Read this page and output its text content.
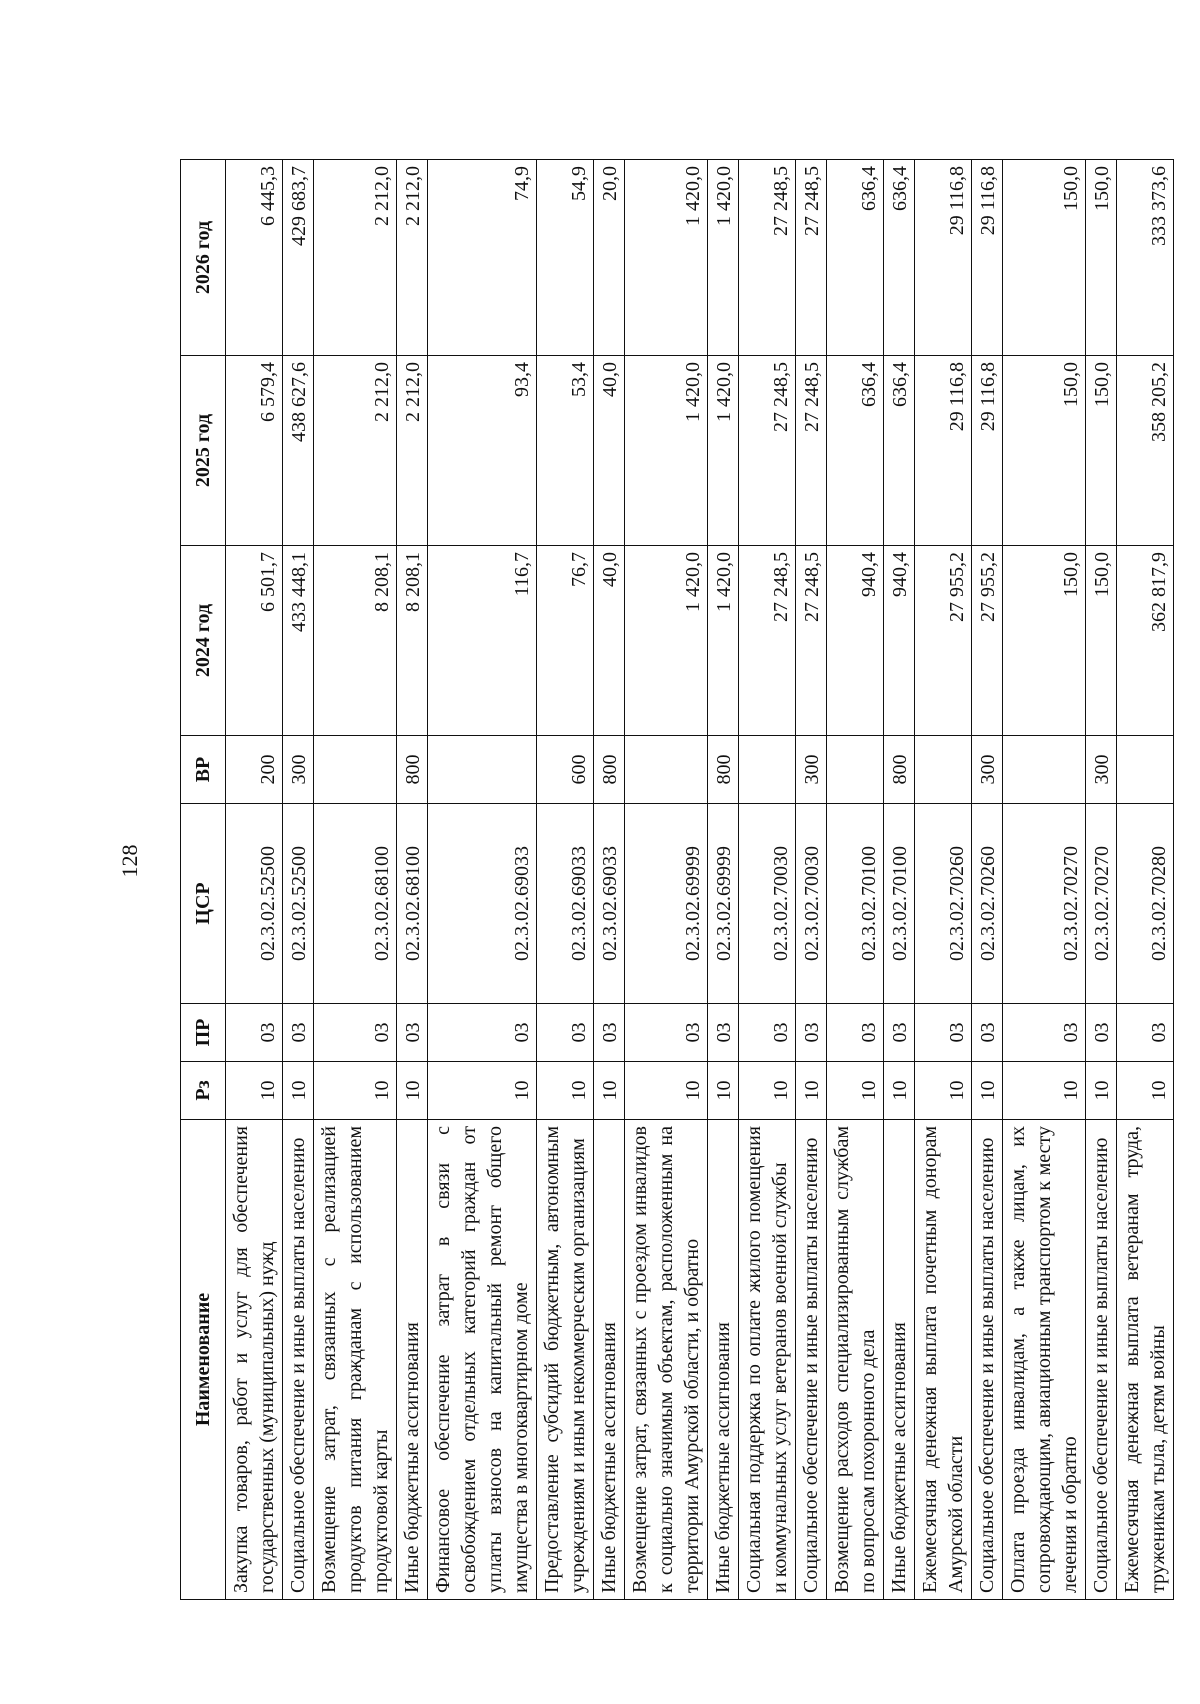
128
Наименование	Рз	ПР	ЦСР	ВР	2024 год	2025 год	2026 год
Закупка товаров, работ и услуг для обеспечения государственных (муниципальных) нужд	10	03	02.3.02.52500	200	6 501,7	6 579,4	6 445,3
Социальное обеспечение и иные выплаты населению	10	03	02.3.02.52500	300	433 448,1	438 627,6	429 683,7
Возмещение затрат, связанных с реализацией продуктов питания гражданам с использованием продуктовой карты	10	03	02.3.02.68100		8 208,1	2 212,0	2 212,0
Иные бюджетные ассигнования	10	03	02.3.02.68100	800	8 208,1	2 212,0	2 212,0
Финансовое обеспечение затрат в связи с освобождением отдельных категорий граждан от уплаты взносов на капитальный ремонт общего имущества в многоквартирном доме	10	03	02.3.02.69033		116,7	93,4	74,9
Предоставление субсидий бюджетным, автономным учреждениям и иным некоммерческим организациям	10	03	02.3.02.69033	600	76,7	53,4	54,9
Иные бюджетные ассигнования	10	03	02.3.02.69033	800	40,0	40,0	20,0
Возмещение затрат, связанных с проездом инвалидов к социально значимым объектам, расположенным на территории Амурской области, и обратно	10	03	02.3.02.69999		1 420,0	1 420,0	1 420,0
Иные бюджетные ассигнования	10	03	02.3.02.69999	800	1 420,0	1 420,0	1 420,0
Социальная поддержка по оплате жилого помещения и коммунальных услуг ветеранов военной службы	10	03	02.3.02.70030		27 248,5	27 248,5	27 248,5
Социальное обеспечение и иные выплаты населению	10	03	02.3.02.70030	300	27 248,5	27 248,5	27 248,5
Возмещение расходов специализированным службам по вопросам похоронного дела	10	03	02.3.02.70100		940,4	636,4	636,4
Иные бюджетные ассигнования	10	03	02.3.02.70100	800	940,4	636,4	636,4
Ежемесячная денежная выплата почетным донорам Амурской области	10	03	02.3.02.70260		27 955,2	29 116,8	29 116,8
Социальное обеспечение и иные выплаты населению	10	03	02.3.02.70260	300	27 955,2	29 116,8	29 116,8
Оплата проезда инвалидам, а также лицам, их сопровождающим, авиационным транспортом к месту лечения и обратно	10	03	02.3.02.70270		150,0	150,0	150,0
Социальное обеспечение и иные выплаты населению	10	03	02.3.02.70270	300	150,0	150,0	150,0
Ежемесячная денежная выплата ветеранам труда, труженикам тыла, детям войны	10	03	02.3.02.70280		362 817,9	358 205,2	333 373,6
